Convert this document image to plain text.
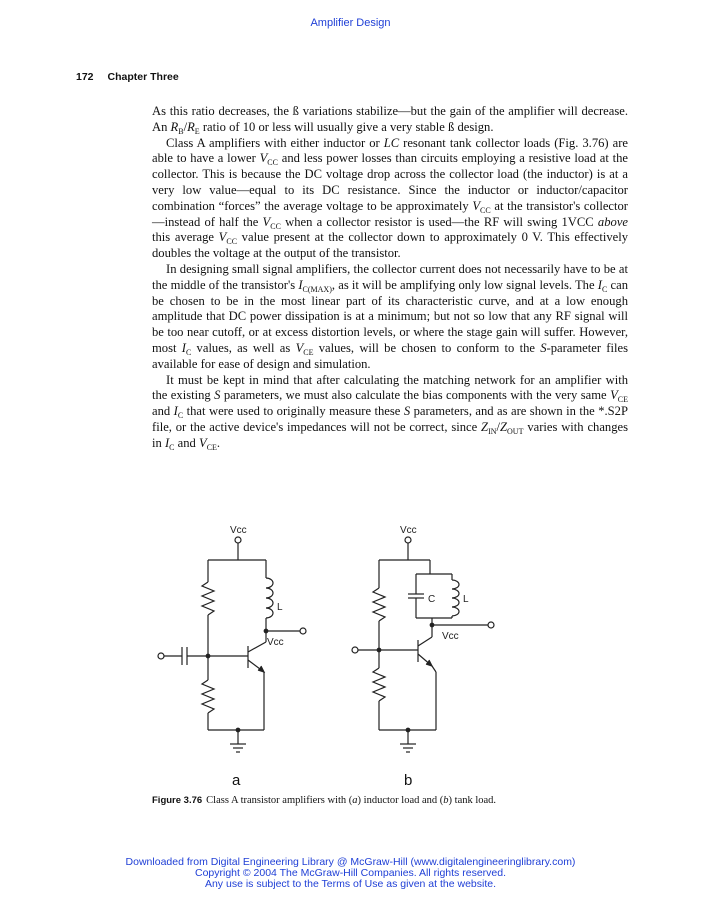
Amplifier Design
172 Chapter Three

As this ratio decreases, the ß variations stabilize—but the gain of the amplifier will decrease. An $R_B/R_E$ ratio of 10 or less will usually give a very stable ß design.

Class A amplifiers with either inductor or LC resonant tank collector loads (Fig. 3.76) are able to have a lower $V_{CC}$ and less power losses than circuits employing a resistive load at the collector. This is because the DC voltage drop across the collector load (the inductor) is at a very low value—equal to its DC resistance. Since the inductor or inductor/capacitor combination “forces” the average voltage to be approximately $V_{CC}$ at the transistor's collector—instead of half the $V_{CC}$ when a collector resistor is used—the RF will swing 1VCC above this average $V_{CC}$ value present at the collector down to approximately 0 V. This effectively doubles the voltage at the output of the transistor.

In designing small signal amplifiers, the collector current does not necessarily have to be at the middle of the transistor's $I_{C(MAX)}$, as it will be amplifying only low signal levels. The $I_C$ can be chosen to be in the most linear part of its characteristic curve, and at a low enough amplitude that DC power dissipation is at a minimum; but not so low that any RF signal will be too near cutoff, or at excess distortion levels, or where the stage gain will suffer. However, most $I_C$ values, as well as $V_{CE}$ values, will be chosen to conform to the S-parameter files available for ease of design and simulation.

It must be kept in mind that after calculating the matching network for an amplifier with the existing S parameters, we must also calculate the bias components with the very same $V_{CE}$ and $I_C$ that were used to originally measure these S parameters, and as are shown in the *.S2P file, or the active device's impedances will not be correct, since $Z_{IN}/Z_{OUT}$ varies with changes in $I_C$ and $V_{CE}$.

Vcc
L
Vcc
a
Vcc
C	L
Vcc
b
Figure 3.76 Class A transistor amplifiers with (a) inductor load and (b) tank load.
Downloaded from Digital Engineering Library @ McGraw-Hill (www.digitalengineeringlibrary.com)
Copyright © 2004 The McGraw-Hill Companies. All rights reserved.
Any use is subject to the Terms of Use as given at the website.
